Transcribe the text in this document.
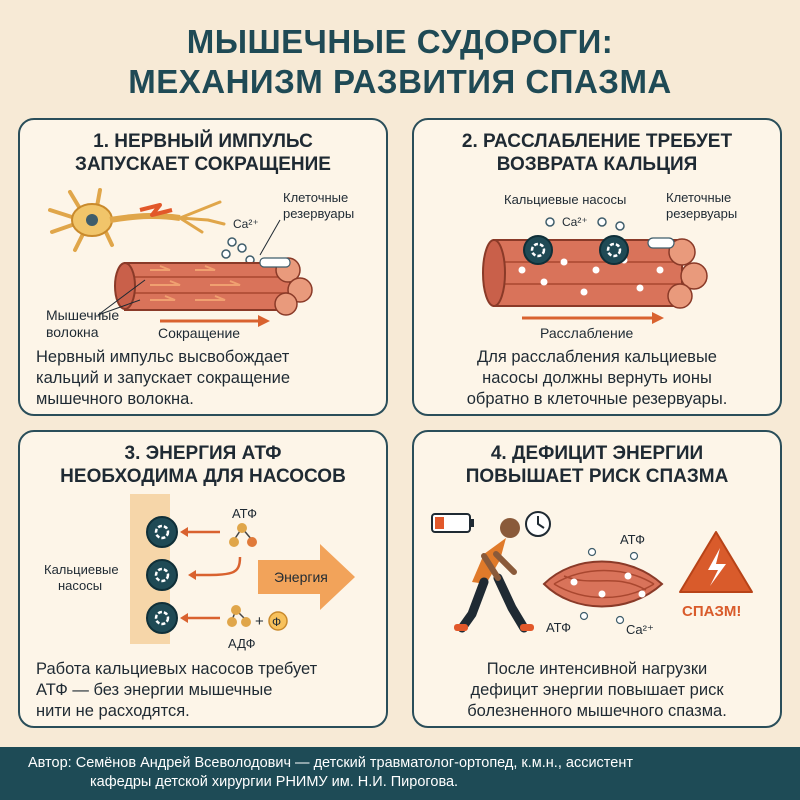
МЫШЕЧНЫЕ СУДОРОГИ:
МЕХАНИЗМ РАЗВИТИЯ СПАЗМА
1. НЕРВНЫЙ ИМПУЛЬС
ЗАПУСКАЕТ СОКРАЩЕНИЕ
Ca²⁺
Клеточные
резервуары
Мышечные
волокна	Сокращение
Нервный импульс высвобождает
кальций и запускает сокращение
мышечного волокна.
2. РАССЛАБЛЕНИЕ ТРЕБУЕТ
ВОЗВРАТА КАЛЬЦИЯ
Кальциевые насосы	Клеточные
резервуары
Ca²⁺
Расслабление
Для расслабления кальциевые
насосы должны вернуть ионы
обратно в клеточные резервуары.
3. ЭНЕРГИЯ АТФ
НЕОБХОДИМА ДЛЯ НАСОСОВ
Кальциевые
насосы
АТФ
Энергия
+ Ф
АДФ
Работа кальциевых насосов требует
АТФ — без энергии мышечные
нити не расходятся.
4. ДЕФИЦИТ ЭНЕРГИИ
ПОВЫШАЕТ РИСК СПАЗМА
АТФ
АТФ	Ca²⁺
СПАЗМ!
После интенсивной нагрузки
дефицит энергии повышает риск
болезненного мышечного спазма.
Автор: Семёнов Андрей Всеволодович — детский травматолог-ортопед, к.м.н., ассистент
кафедры детской хирургии РНИМУ им. Н.И. Пирогова.
